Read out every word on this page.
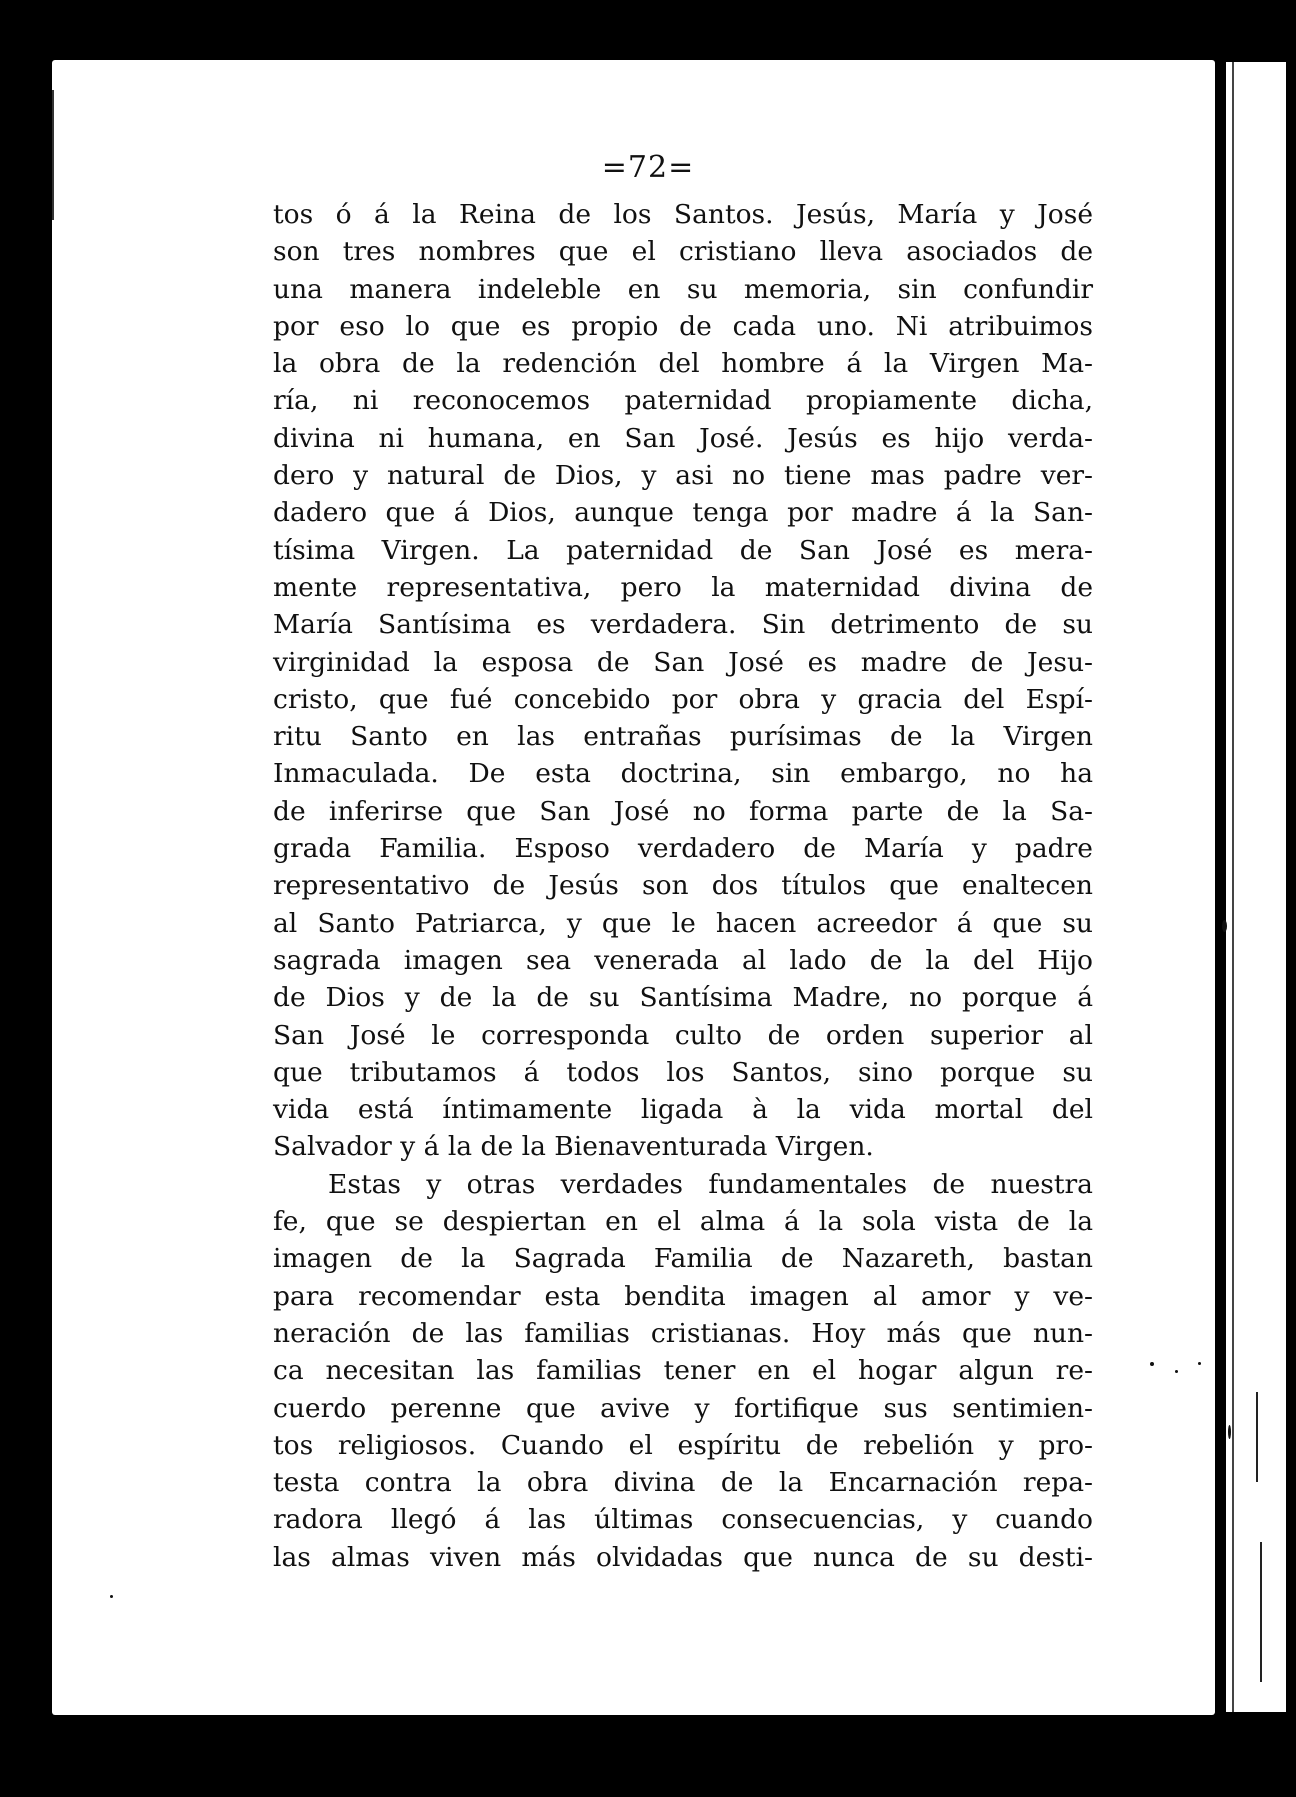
=72=
tos ó á la Reina de los Santos. Jesús, María y José
son tres nombres que el cristiano lleva asociados de
una manera indeleble en su memoria, sin confundir
por eso lo que es propio de cada uno. Ni atribuimos
la obra de la redención del hombre á la Virgen Ma-
ría, ni reconocemos paternidad propiamente dicha,
divina ni humana, en San José. Jesús es hijo verda-
dero y natural de Dios, y asi no tiene mas padre ver-
dadero que á Dios, aunque tenga por madre á la San-
tísima Virgen. La paternidad de San José es mera-
mente representativa, pero la maternidad divina de
María Santísima es verdadera. Sin detrimento de su
virginidad la esposa de San José es madre de Jesu-
cristo, que fué concebido por obra y gracia del Espí-
ritu Santo en las entrañas purísimas de la Virgen
Inmaculada. De esta doctrina, sin embargo, no ha
de inferirse que San José no forma parte de la Sa-
grada Familia. Esposo verdadero de María y padre
representativo de Jesús son dos títulos que enaltecen
al Santo Patriarca, y que le hacen acreedor á que su
sagrada imagen sea venerada al lado de la del Hijo
de Dios y de la de su Santísima Madre, no porque á
San José le corresponda culto de orden superior al
que tributamos á todos los Santos, sino porque su
vida está íntimamente ligada à la vida mortal del
Salvador y á la de la Bienaventurada Virgen.
Estas y otras verdades fundamentales de nuestra
fe, que se despiertan en el alma á la sola vista de la
imagen de la Sagrada Familia de Nazareth, bastan
para recomendar esta bendita imagen al amor y ve-
neración de las familias cristianas. Hoy más que nun-
ca necesitan las familias tener en el hogar algun re-
cuerdo perenne que avive y fortifique sus sentimien-
tos religiosos. Cuando el espíritu de rebelión y pro-
testa contra la obra divina de la Encarnación repa-
radora llegó á las últimas consecuencias, y cuando
las almas viven más olvidadas que nunca de su desti-
